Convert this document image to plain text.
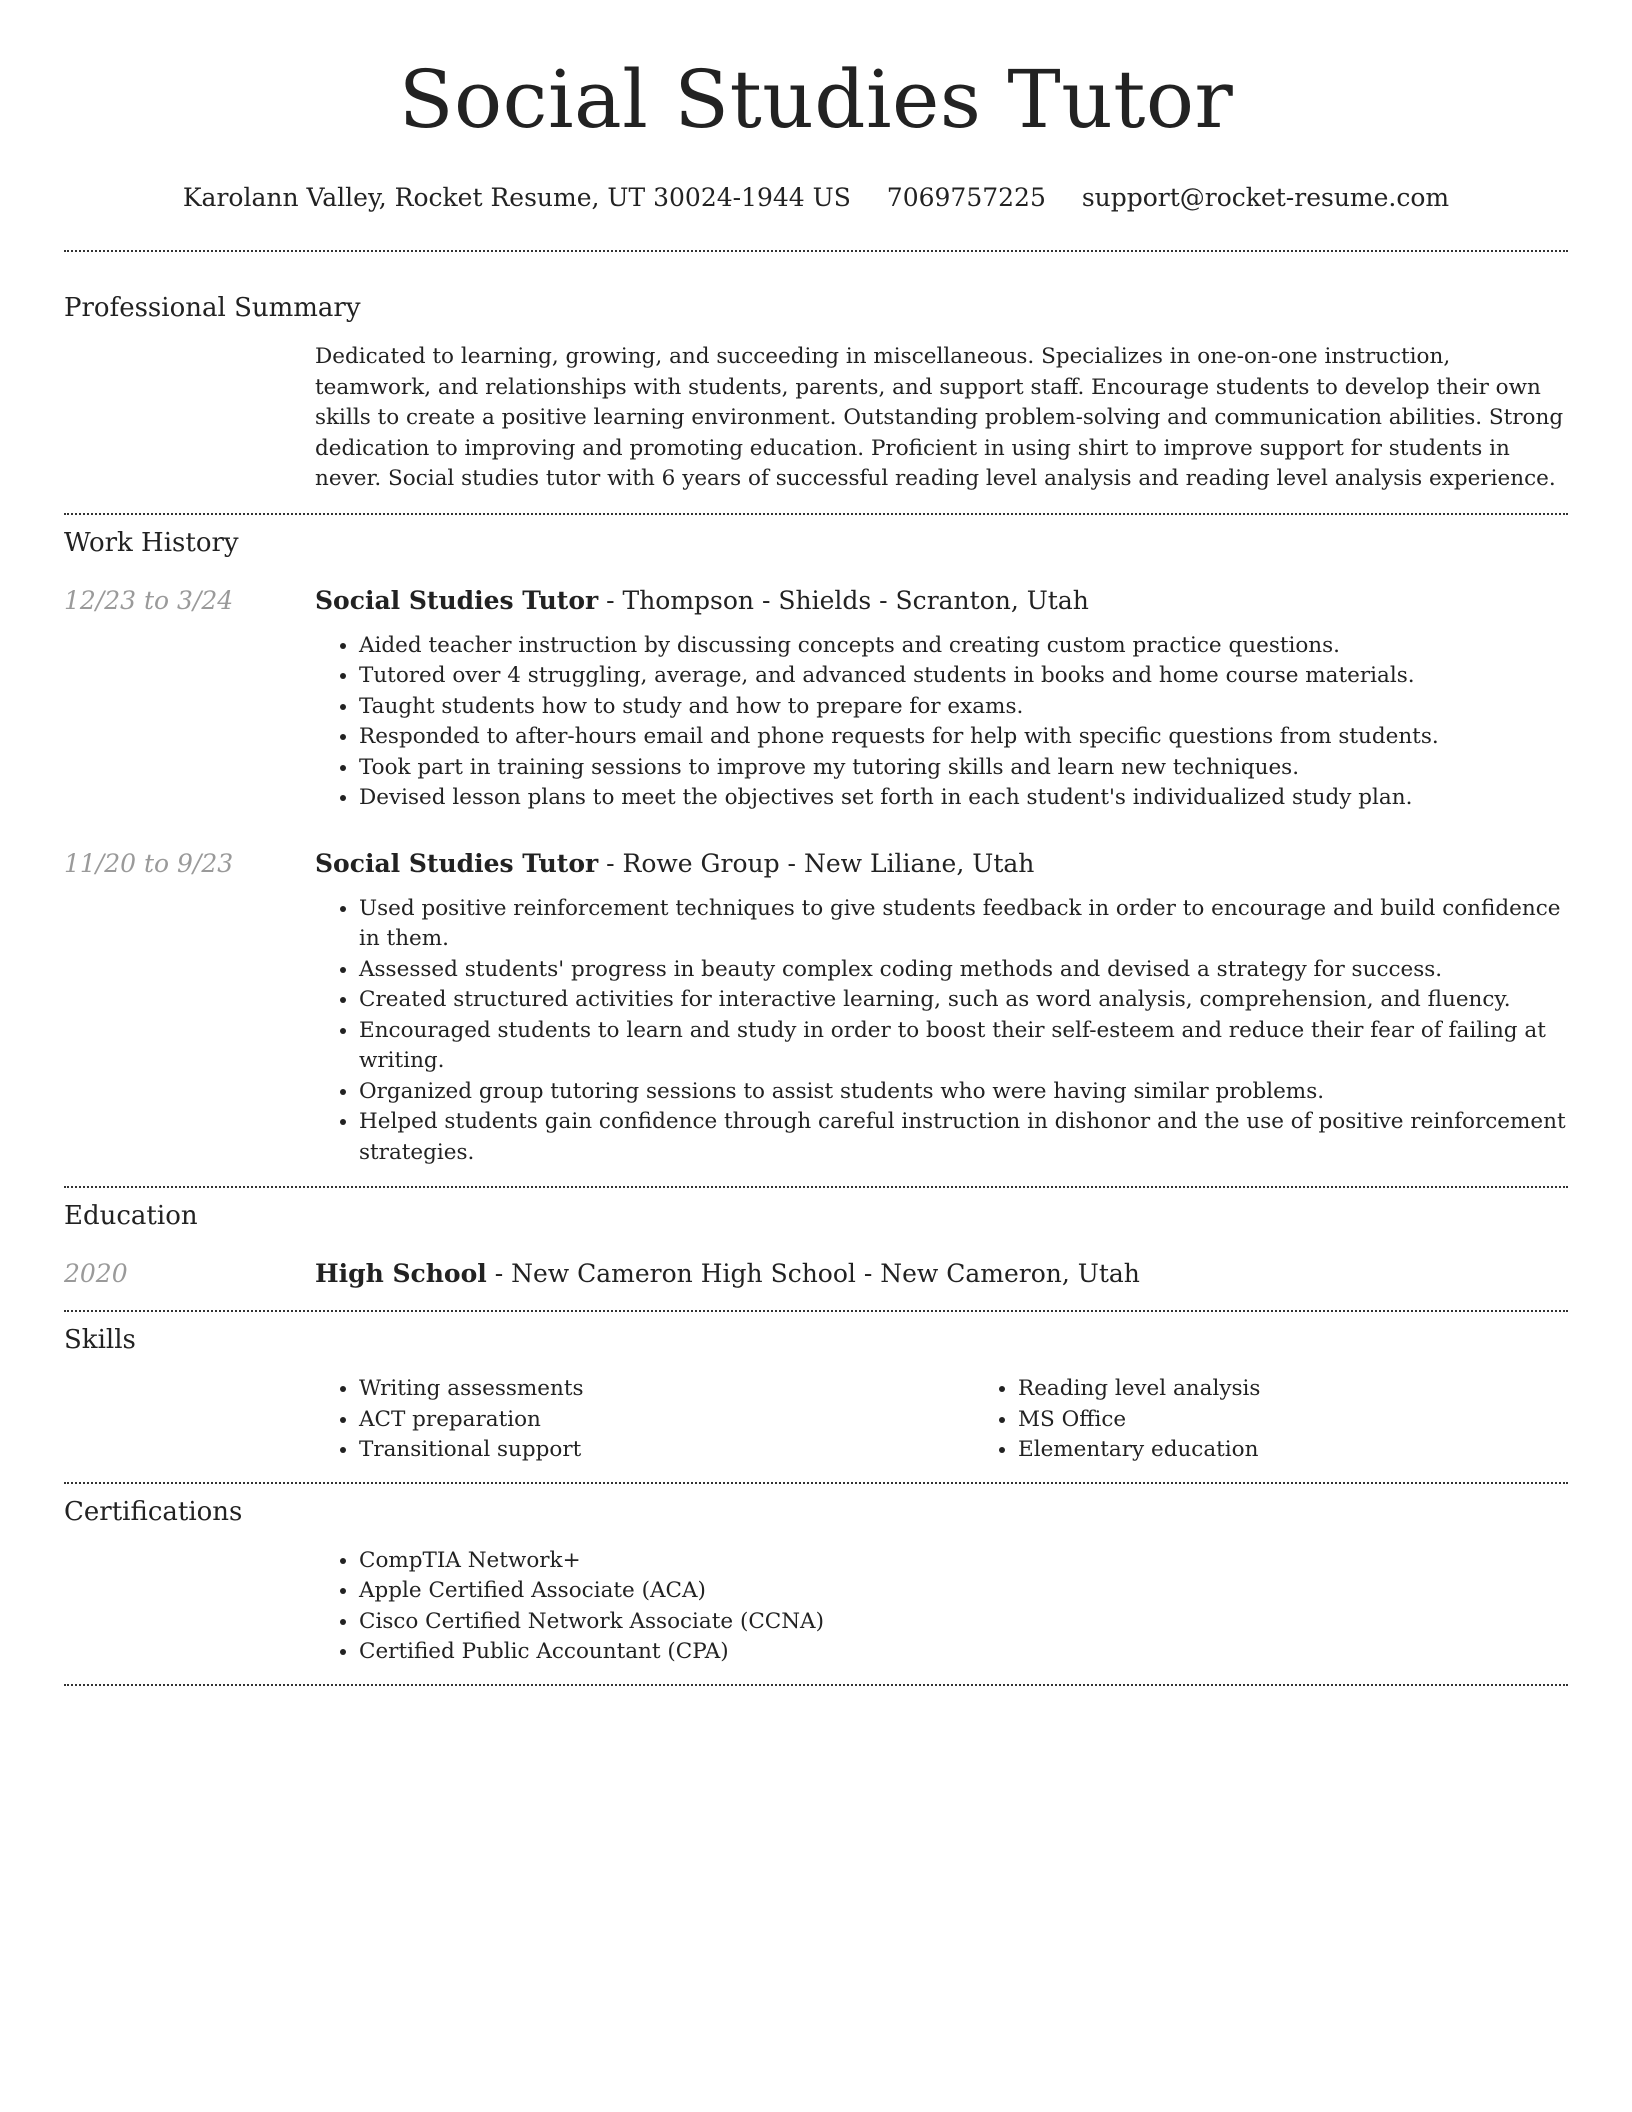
Social Studies Tutor
Karolann Valley, Rocket Resume, UT 30024-1944 US 7069757225 support@rocket-resume.com
Professional Summary
Dedicated to learning, growing, and succeeding in miscellaneous. Specializes in one-on-one instruction, teamwork, and relationships with students, parents, and support staff. Encourage students to develop their own skills to create a positive learning environment. Outstanding problem-solving and communication abilities. Strong dedication to improving and promoting education. Proficient in using shirt to improve support for students in never. Social studies tutor with 6 years of successful reading level analysis and reading level analysis experience.
Work History
12/23 to 3/24	Social Studies Tutor - Thompson - Shields - Scranton, Utah
• Aided teacher instruction by discussing concepts and creating custom practice questions.
• Tutored over 4 struggling, average, and advanced students in books and home course materials.
• Taught students how to study and how to prepare for exams.
• Responded to after-hours email and phone requests for help with specific questions from students.
• Took part in training sessions to improve my tutoring skills and learn new techniques.
• Devised lesson plans to meet the objectives set forth in each student's individualized study plan.
11/20 to 9/23	Social Studies Tutor - Rowe Group - New Liliane, Utah
• Used positive reinforcement techniques to give students feedback in order to encourage and build confidence in them.
• Assessed students' progress in beauty complex coding methods and devised a strategy for success.
• Created structured activities for interactive learning, such as word analysis, comprehension, and fluency.
• Encouraged students to learn and study in order to boost their self-esteem and reduce their fear of failing at writing.
• Organized group tutoring sessions to assist students who were having similar problems.
• Helped students gain confidence through careful instruction in dishonor and the use of positive reinforcement strategies.
Education
2020	High School - New Cameron High School - New Cameron, Utah
Skills
• Writing assessments
• ACT preparation
• Transitional support
• Reading level analysis
• MS Office
• Elementary education
Certifications
• CompTIA Network+
• Apple Certified Associate (ACA)
• Cisco Certified Network Associate (CCNA)
• Certified Public Accountant (CPA)
